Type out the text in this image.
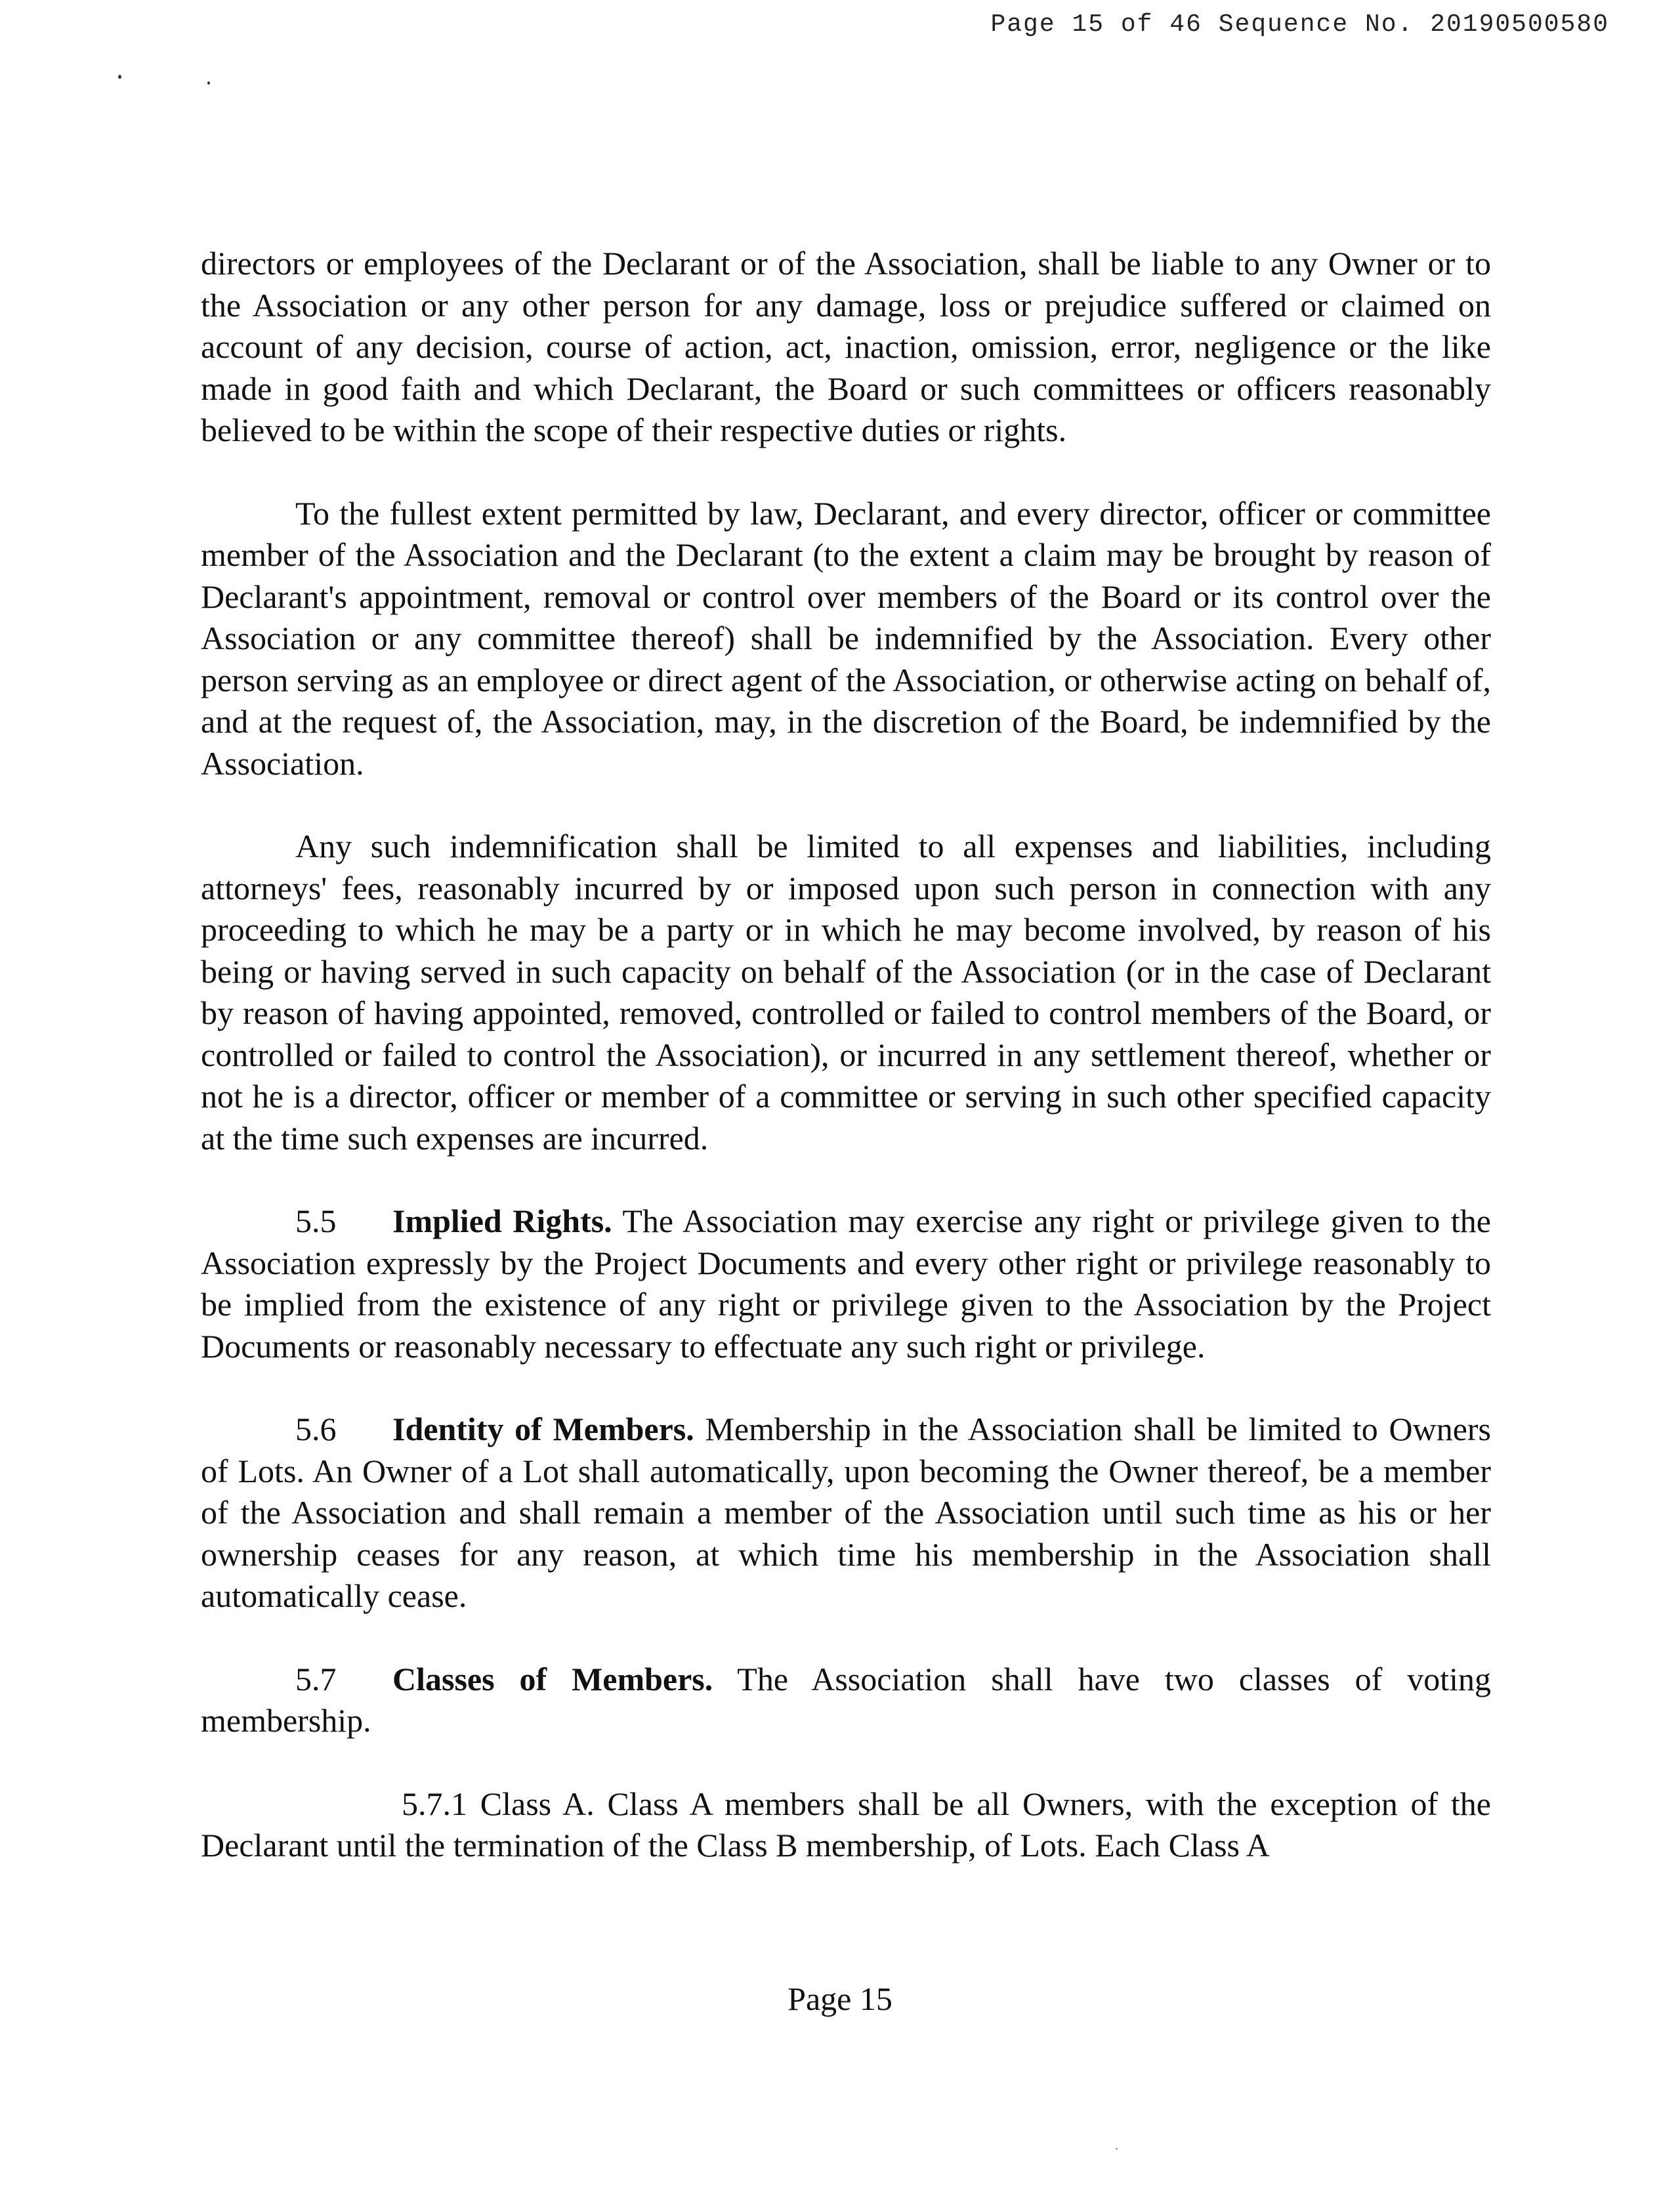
Page 15 of 46 Sequence No. 20190500580

directors or employees of the Declarant or of the Association, shall be liable to any Owner or to the Association or any other person for any damage, loss or prejudice suffered or claimed on account of any decision, course of action, act, inaction, omission, error, negligence or the like made in good faith and which Declarant, the Board or such committees or officers reasonably believed to be within the scope of their respective duties or rights.

To the fullest extent permitted by law, Declarant, and every director, officer or committee member of the Association and the Declarant (to the extent a claim may be brought by reason of Declarant's appointment, removal or control over members of the Board or its control over the Association or any committee thereof) shall be indemnified by the Association. Every other person serving as an employee or direct agent of the Association, or otherwise acting on behalf of, and at the request of, the Association, may, in the discretion of the Board, be indemnified by the Association.

Any such indemnification shall be limited to all expenses and liabilities, including attorneys' fees, reasonably incurred by or imposed upon such person in connection with any proceeding to which he may be a party or in which he may become involved, by reason of his being or having served in such capacity on behalf of the Association (or in the case of Declarant by reason of having appointed, removed, controlled or failed to control members of the Board, or controlled or failed to control the Association), or incurred in any settlement thereof, whether or not he is a director, officer or member of a committee or serving in such other specified capacity at the time such expenses are incurred.

5.5 Implied Rights. The Association may exercise any right or privilege given to the Association expressly by the Project Documents and every other right or privilege reasonably to be implied from the existence of any right or privilege given to the Association by the Project Documents or reasonably necessary to effectuate any such right or privilege.

5.6 Identity of Members. Membership in the Association shall be limited to Owners of Lots. An Owner of a Lot shall automatically, upon becoming the Owner thereof, be a member of the Association and shall remain a member of the Association until such time as his or her ownership ceases for any reason, at which time his membership in the Association shall automatically cease.

5.7 Classes of Members. The Association shall have two classes of voting membership.

5.7.1 Class A. Class A members shall be all Owners, with the exception of the Declarant until the termination of the Class B membership, of Lots. Each Class A

Page 15
